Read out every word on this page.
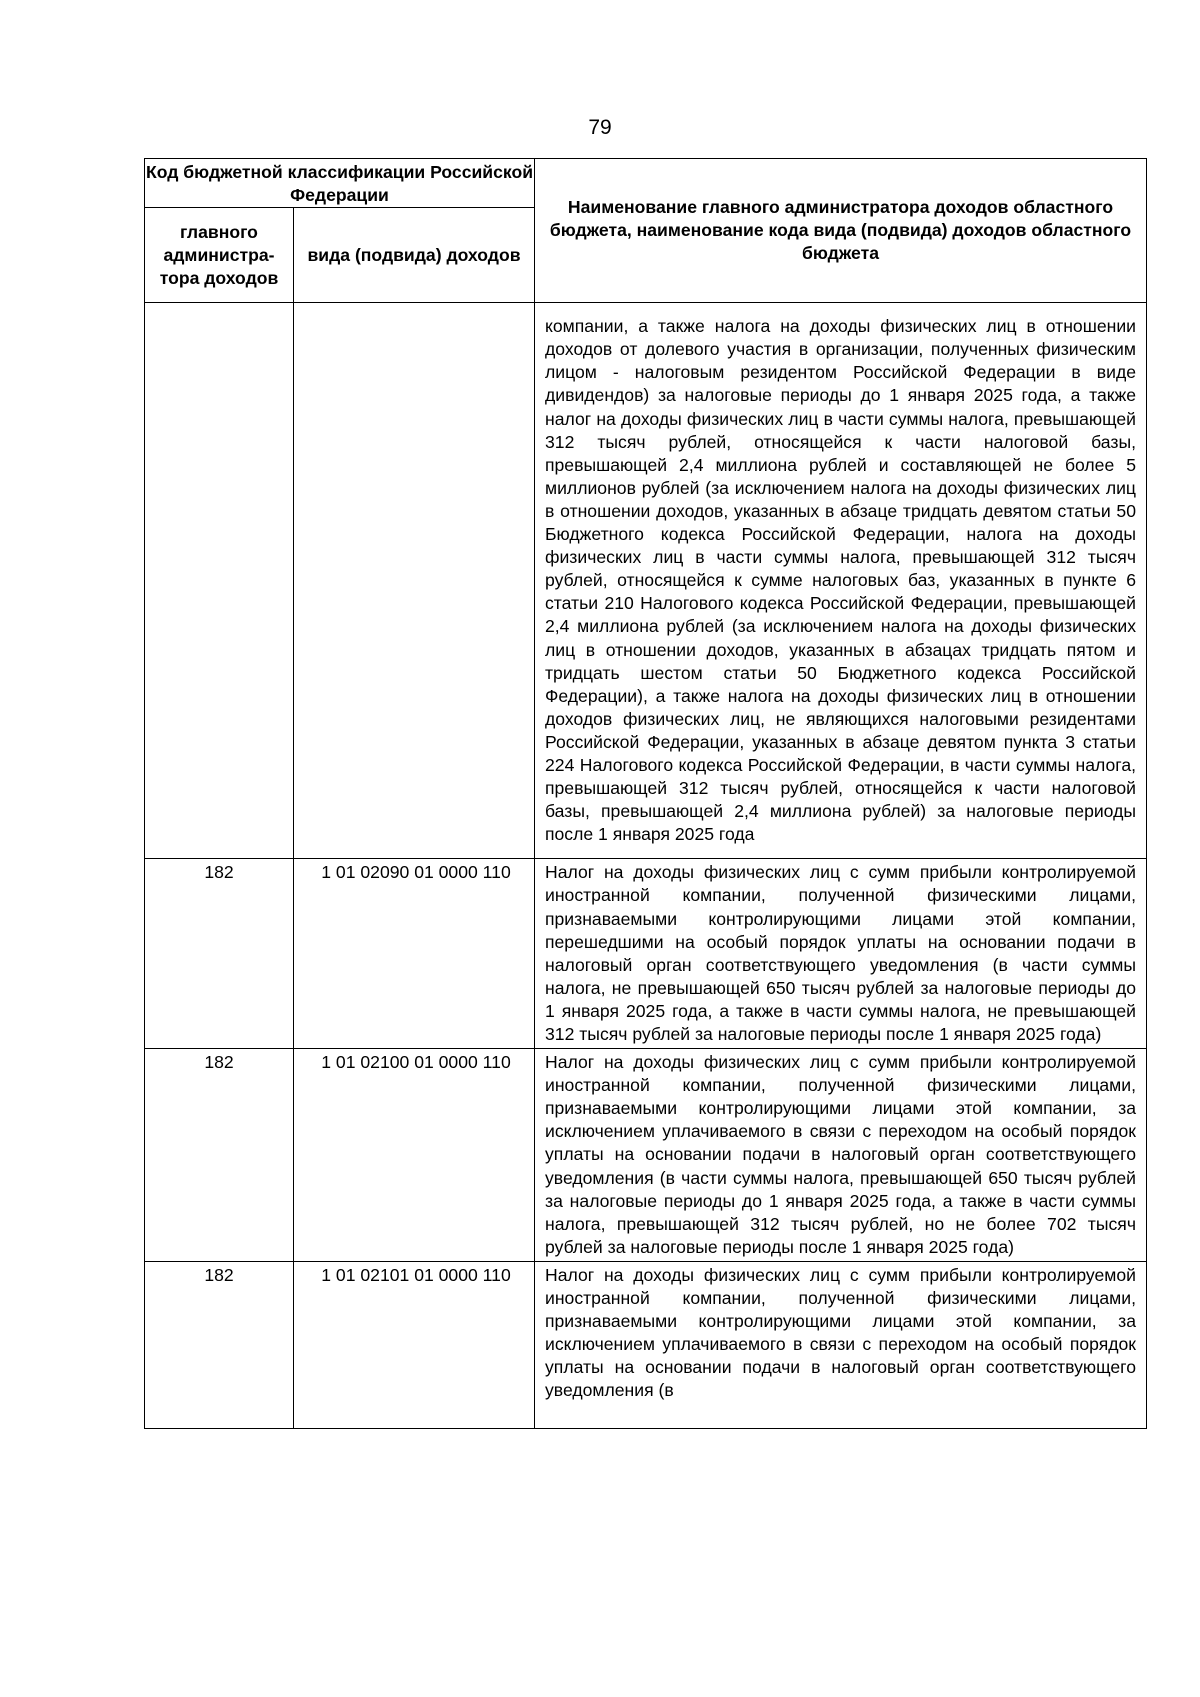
79
Код бюджетной классификации Российской Федерации		Наименование главного администратора доходов областного бюджета, наименование кода вида (подвида) доходов областного бюджета
главного администра-тора доходов	вида (подвида) доходов	
		компании, а также налога на доходы физических лиц в отношении доходов от долевого участия в организации, полученных физическим лицом - налоговым резидентом Российской Федерации в виде дивидендов) за налоговые периоды до 1 января 2025 года, а также налог на доходы физических лиц в части суммы налога, превышающей 312 тысяч рублей, относящейся к части налоговой базы, превышающей 2,4 миллиона рублей и составляющей не более 5 миллионов рублей (за исключением налога на доходы физических лиц в отношении доходов, указанных в абзаце тридцать девятом статьи 50 Бюджетного кодекса Российской Федерации, налога на доходы физических лиц в части суммы налога, превышающей 312 тысяч рублей, относящейся к сумме налоговых баз, указанных в пункте 6 статьи 210 Налогового кодекса Российской Федерации, превышающей 2,4 миллиона рублей (за исключением налога на доходы физических лиц в отношении доходов, указанных в абзацах тридцать пятом и тридцать шестом статьи 50 Бюджетного кодекса Российской Федерации), а также налога на доходы физических лиц в отношении доходов физических лиц, не являющихся налоговыми резидентами Российской Федерации, указанных в абзаце девятом пункта 3 статьи 224 Налогового кодекса Российской Федерации, в части суммы налога, превышающей 312 тысяч рублей, относящейся к части налоговой базы, превышающей 2,4 миллиона рублей) за налоговые периоды после 1 января 2025 года
182	1 01 02090 01 0000 110	Налог на доходы физических лиц с сумм прибыли контролируемой иностранной компании, полученной физическими лицами, признаваемыми контролирующими лицами этой компании, перешедшими на особый порядок уплаты на основании подачи в налоговый орган соответствующего уведомления (в части суммы налога, не превышающей 650 тысяч рублей за налоговые периоды до 1 января 2025 года, а также в части суммы налога, не превышающей 312 тысяч рублей за налоговые периоды после 1 января 2025 года)
182	1 01 02100 01 0000 110	Налог на доходы физических лиц с сумм прибыли контролируемой иностранной компании, полученной физическими лицами, признаваемыми контролирующими лицами этой компании, за исключением уплачиваемого в связи с переходом на особый порядок уплаты на основании подачи в налоговый орган соответствующего уведомления (в части суммы налога, превышающей 650 тысяч рублей за налоговые периоды до 1 января 2025 года, а также в части суммы налога, превышающей 312 тысяч рублей, но не более 702 тысяч рублей за налоговые периоды после 1 января 2025 года)
182	1 01 02101 01 0000 110	Налог на доходы физических лиц с сумм прибыли контролируемой иностранной компании, полученной физическими лицами, признаваемыми контролирующими лицами этой компании, за исключением уплачиваемого в связи с переходом на особый порядок уплаты на основании подачи в налоговый орган соответствующего уведомления (в
